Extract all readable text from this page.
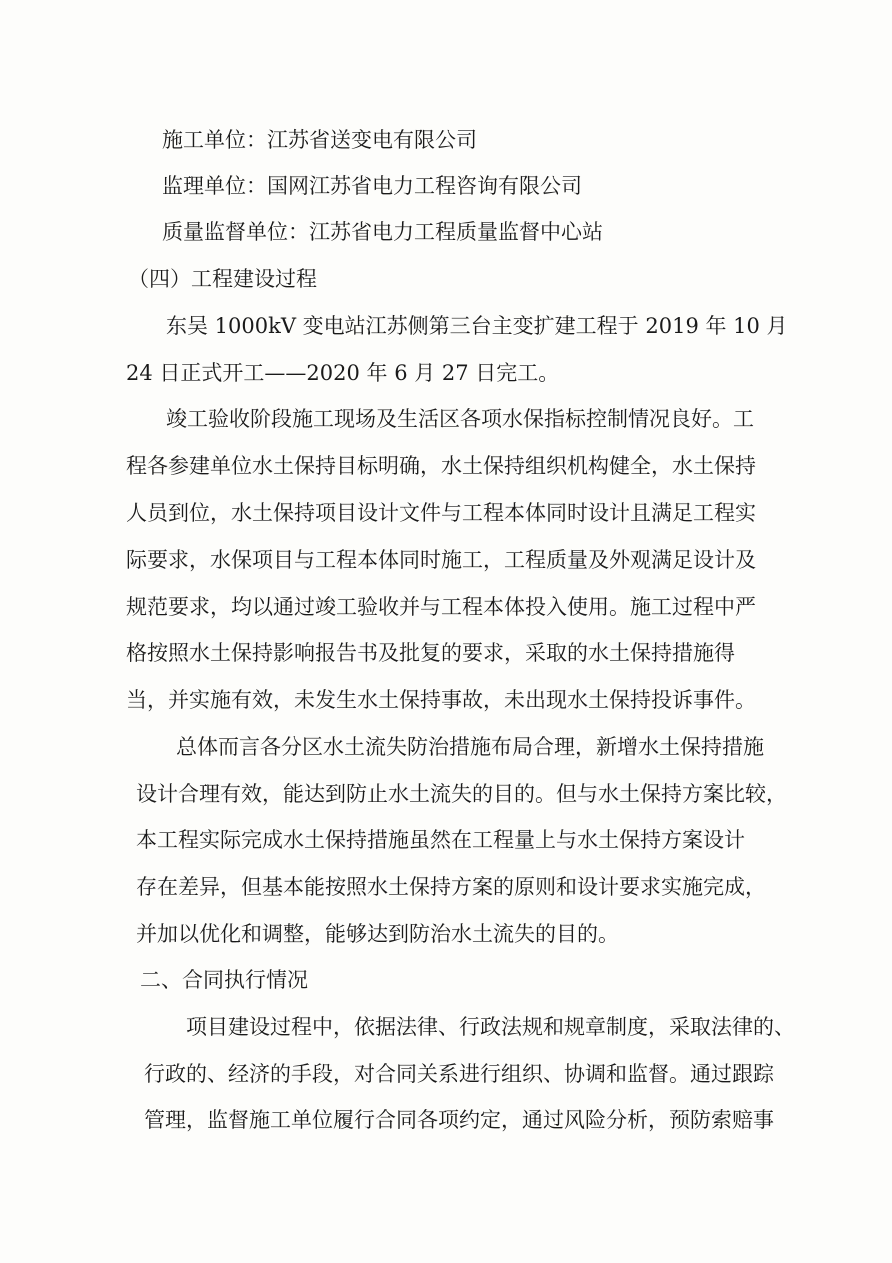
施工单位：江苏省送变电有限公司
监理单位：国网江苏省电力工程咨询有限公司
质量监督单位：江苏省电力工程质量监督中心站
（四）工程建设过程
东吴 1000kV 变电站江苏侧第三台主变扩建工程于 2019 年 10 月
24 日正式开工——2020 年 6 月 27 日完工。
竣工验收阶段施工现场及生活区各项水保指标控制情况良好。工
程各参建单位水土保持目标明确，水土保持组织机构健全，水土保持
人员到位，水土保持项目设计文件与工程本体同时设计且满足工程实
际要求，水保项目与工程本体同时施工，工程质量及外观满足设计及
规范要求，均以通过竣工验收并与工程本体投入使用。施工过程中严
格按照水土保持影响报告书及批复的要求，采取的水土保持措施得
当，并实施有效，未发生水土保持事故，未出现水土保持投诉事件。
总体而言各分区水土流失防治措施布局合理，新增水土保持措施
设计合理有效，能达到防止水土流失的目的。但与水土保持方案比较，
本工程实际完成水土保持措施虽然在工程量上与水土保持方案设计
存在差异，但基本能按照水土保持方案的原则和设计要求实施完成，
并加以优化和调整，能够达到防治水土流失的目的。
二、合同执行情况
项目建设过程中，依据法律、行政法规和规章制度，采取法律的、
行政的、经济的手段，对合同关系进行组织、协调和监督。通过跟踪
管理，监督施工单位履行合同各项约定，通过风险分析，预防索赔事
